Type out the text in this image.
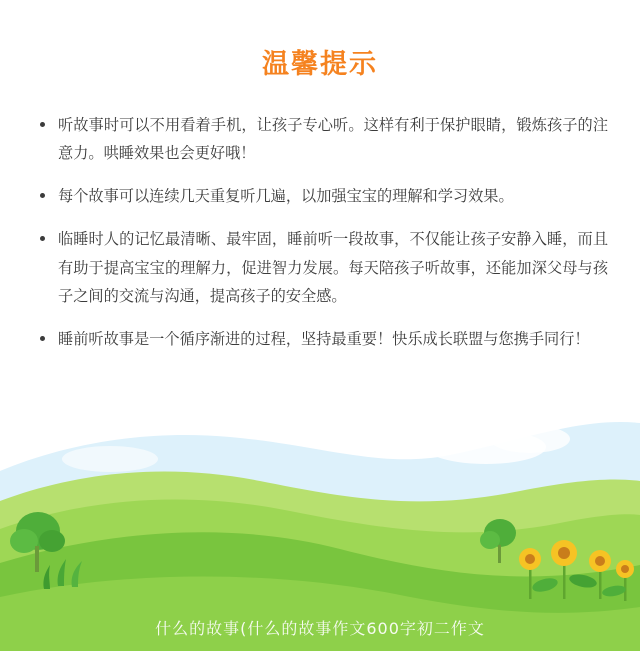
温馨提示
听故事时可以不用看着手机，让孩子专心听。这样有利于保护眼睛，锻炼孩子的注意力。哄睡效果也会更好哦！
每个故事可以连续几天重复听几遍，以加强宝宝的理解和学习效果。
临睡时人的记忆最清晰、最牢固，睡前听一段故事，不仅能让孩子安静入睡，而且有助于提高宝宝的理解力，促进智力发展。每天陪孩子听故事，还能加深父母与孩子之间的交流与沟通，提高孩子的安全感。
睡前听故事是一个循序渐进的过程，坚持最重要！快乐成长联盟与您携手同行！
什么的故事(什么的故事作文600字初二作文
